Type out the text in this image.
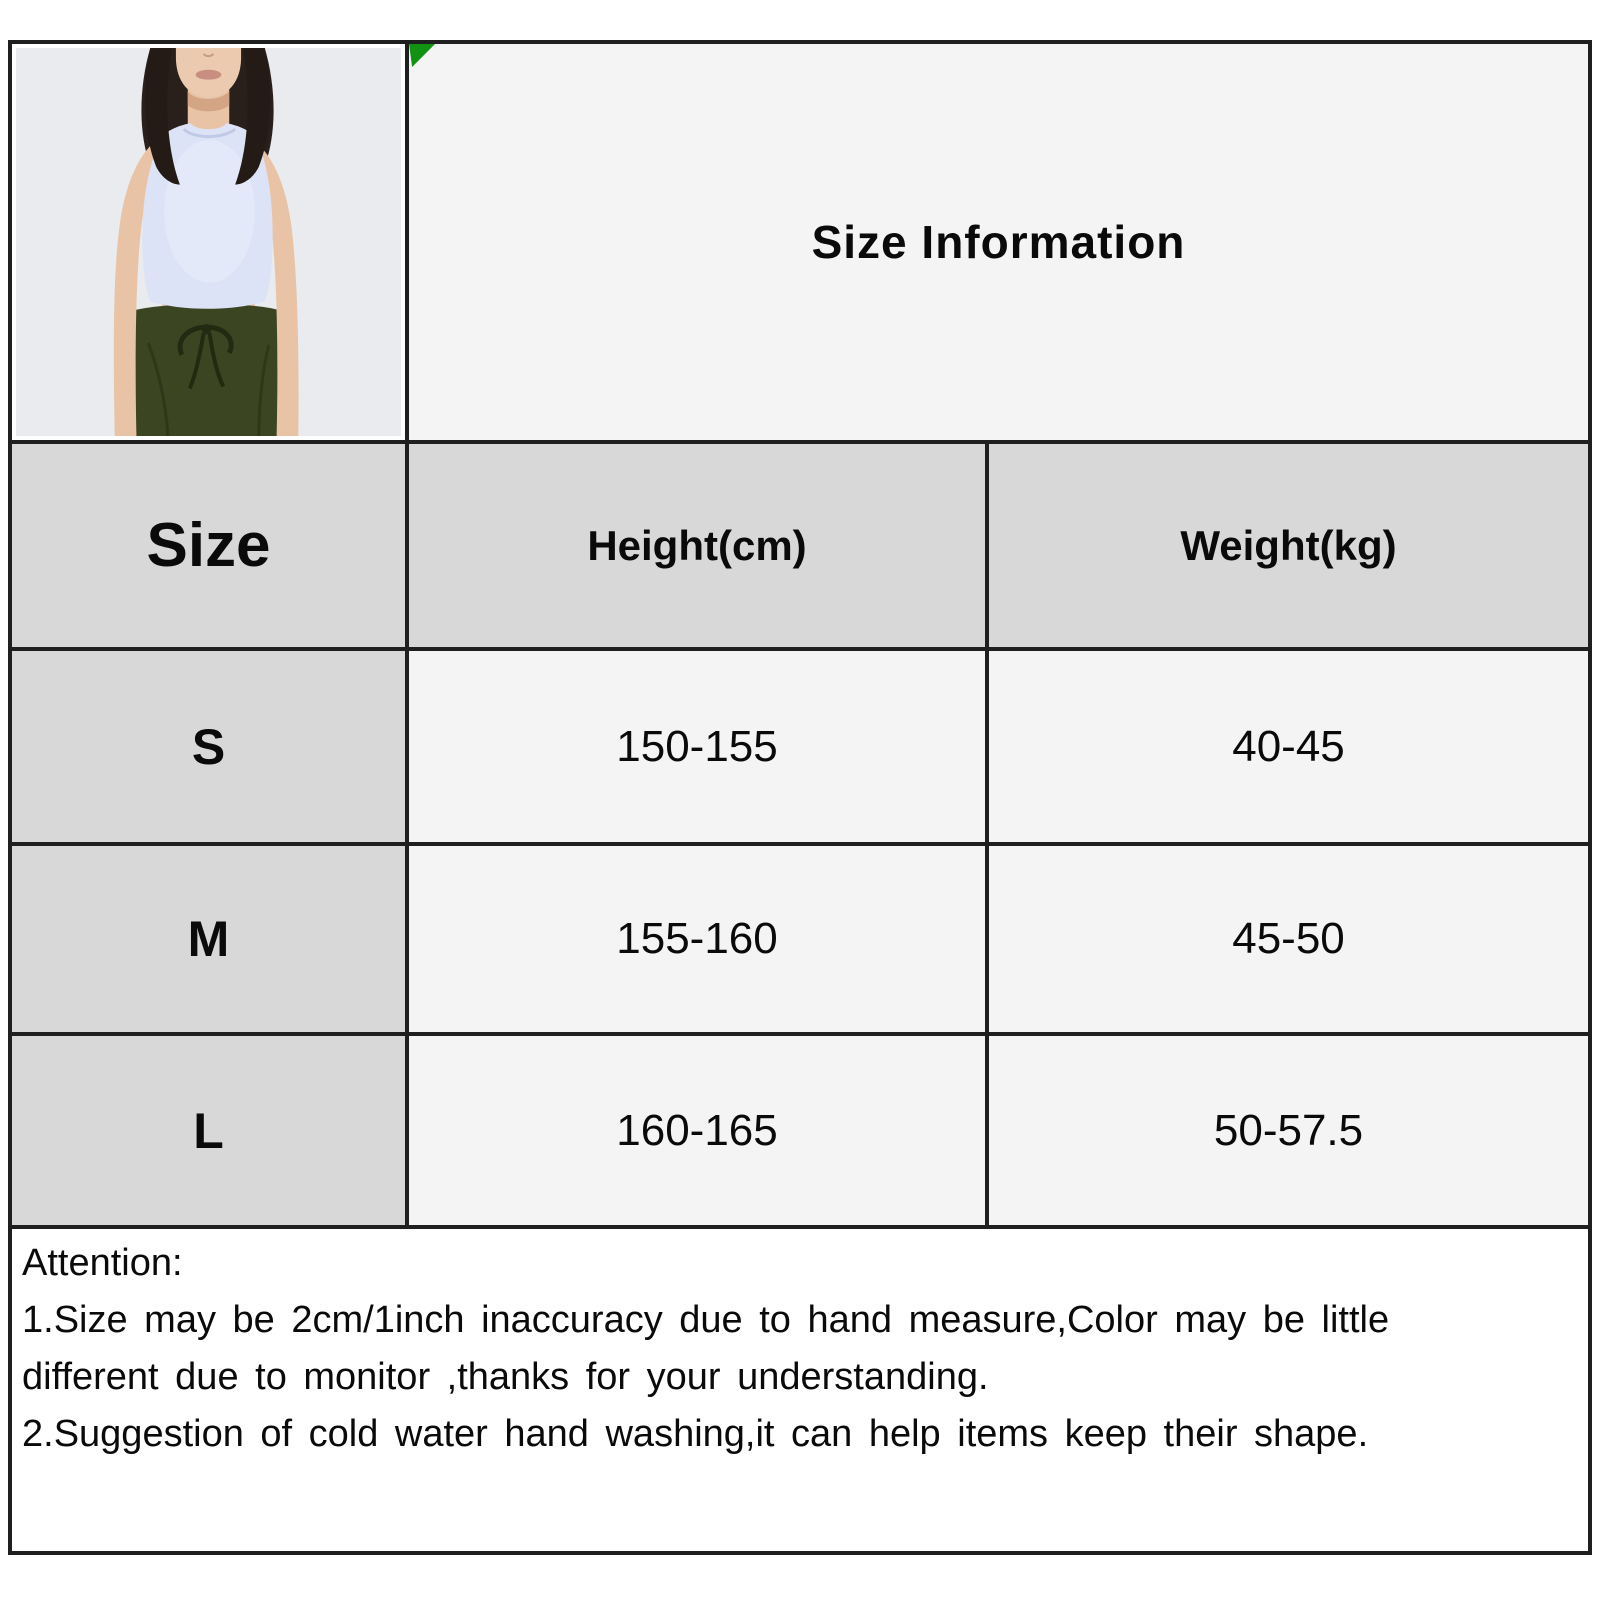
Size Information
Size	Height(cm)	Weight(kg)
S	150-155	40-45
M	155-160	45-50
L	160-165	50-57.5
Attention:
1.Size may be 2cm/1inch inaccuracy due to hand measure,Color may be little
different due to monitor ,thanks for your understanding.
2.Suggestion of cold water hand washing,it can help items keep their shape.
